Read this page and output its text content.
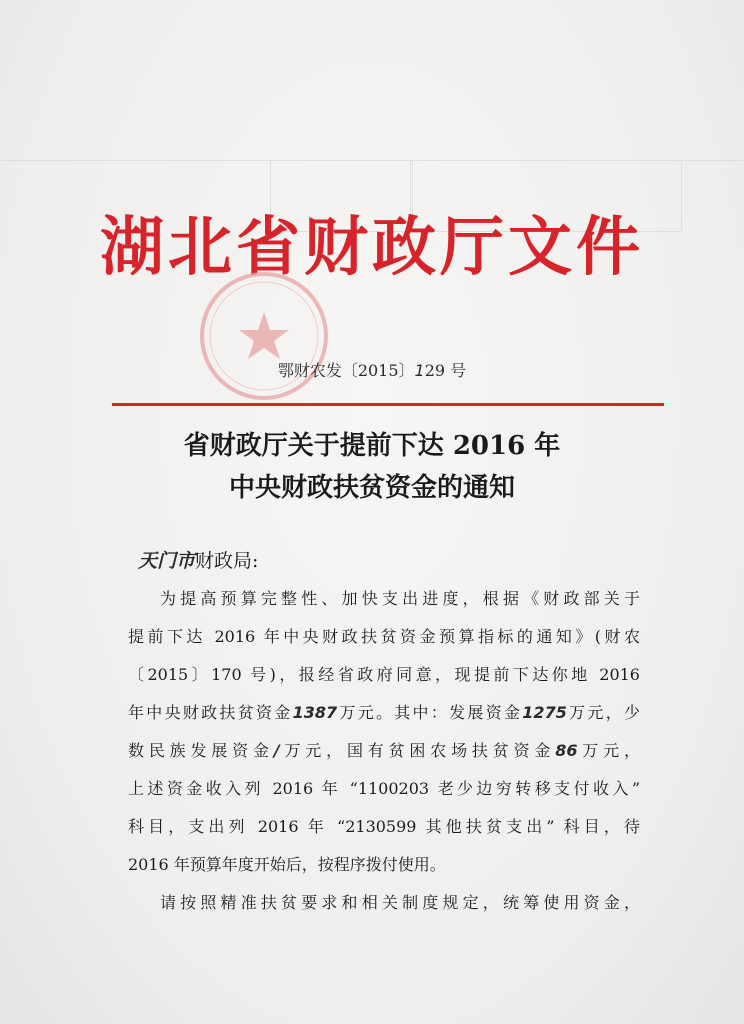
湖北省财政厅文件
鄂财农发〔2015〕129 号
省财政厅关于提前下达 2016 年
中央财政扶贫资金的通知
天门市财政局:

为提高预算完整性、加快支出进度，根据《财政部关于

提前下达 2016 年中央财政扶贫资金预算指标的通知》(财农

〔2015〕170 号)，报经省政府同意，现提前下达你地 2016

年中央财政扶贫资金1387万元。其中：发展资金1275万元，少

数民族发展资金/万元，国有贫困农场扶贫资金86万元，

上述资金收入列 2016 年 “1100203 老少边穷转移支付收入”

科目，支出列 2016 年 “2130599 其他扶贫支出” 科目，待

2016 年预算年度开始后，按程序拨付使用。

请按照精准扶贫要求和相关制度规定，统筹使用资金，
